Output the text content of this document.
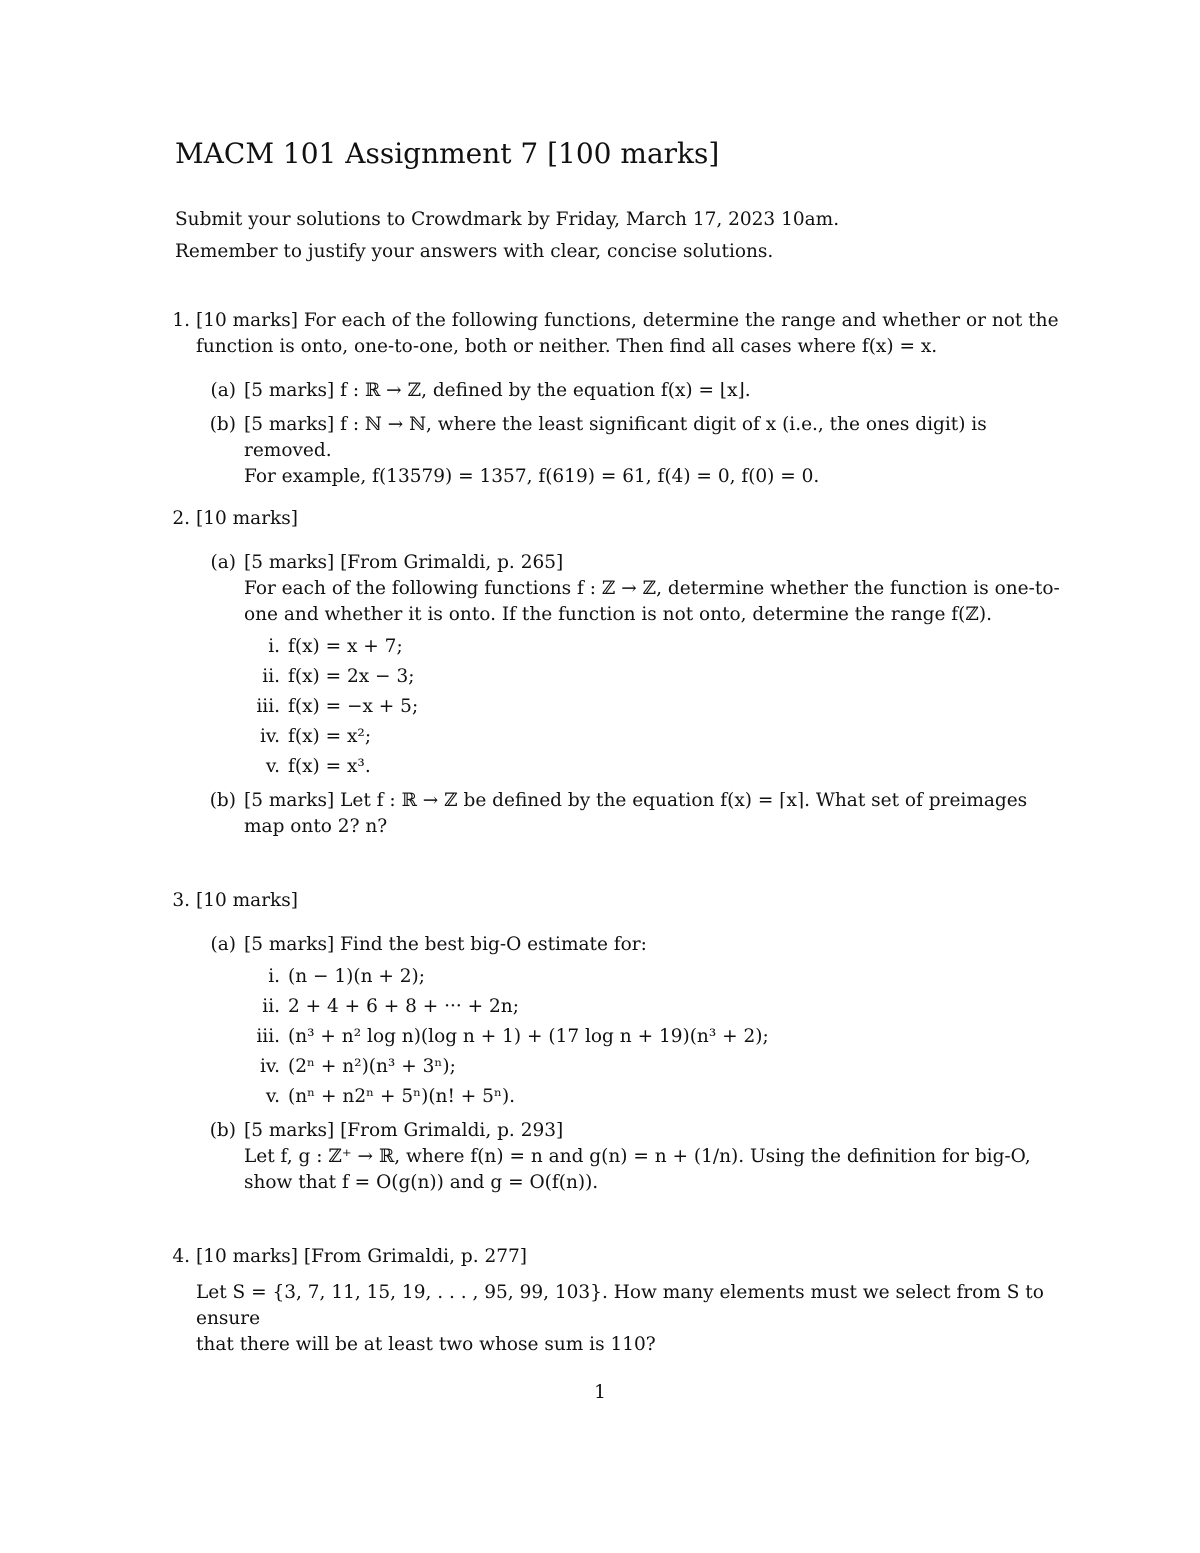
MACM 101 Assignment 7 [100 marks]
Submit your solutions to Crowdmark by Friday, March 17, 2023 10am.
Remember to justify your answers with clear, concise solutions.
1. [10 marks] For each of the following functions, determine the range and whether or not the
function is onto, one-to-one, both or neither. Then find all cases where f(x) = x.
(a) [5 marks] f : ℝ → ℤ, defined by the equation f(x) = ⌊x⌋.
(b) [5 marks] f : ℕ → ℕ, where the least significant digit of x (i.e., the ones digit) is removed.
For example, f(13579) = 1357, f(619) = 61, f(4) = 0, f(0) = 0.
2. [10 marks]
(a) [5 marks] [From Grimaldi, p. 265]
For each of the following functions f : ℤ → ℤ, determine whether the function is one-to-
one and whether it is onto. If the function is not onto, determine the range f(ℤ).
i. f(x) = x + 7;
ii. f(x) = 2x − 3;
iii. f(x) = −x + 5;
iv. f(x) = x²;
v. f(x) = x³.
(b) [5 marks] Let f : ℝ → ℤ be defined by the equation f(x) = ⌈x⌉. What set of preimages
map onto 2? n?
3. [10 marks]
(a) [5 marks] Find the best big-O estimate for:
i. (n − 1)(n + 2);
ii. 2 + 4 + 6 + 8 + ··· + 2n;
iii. (n³ + n² log n)(log n + 1) + (17 log n + 19)(n³ + 2);
iv. (2ⁿ + n²)(n³ + 3ⁿ);
v. (nⁿ + n2ⁿ + 5ⁿ)(n! + 5ⁿ).
(b) [5 marks] [From Grimaldi, p. 293]
Let f, g : ℤ⁺ → ℝ, where f(n) = n and g(n) = n + (1/n). Using the definition for big-O,
show that f = O(g(n)) and g = O(f(n)).
4. [10 marks] [From Grimaldi, p. 277]
Let S = {3, 7, 11, 15, 19, . . . , 95, 99, 103}. How many elements must we select from S to ensure
that there will be at least two whose sum is 110?
1
